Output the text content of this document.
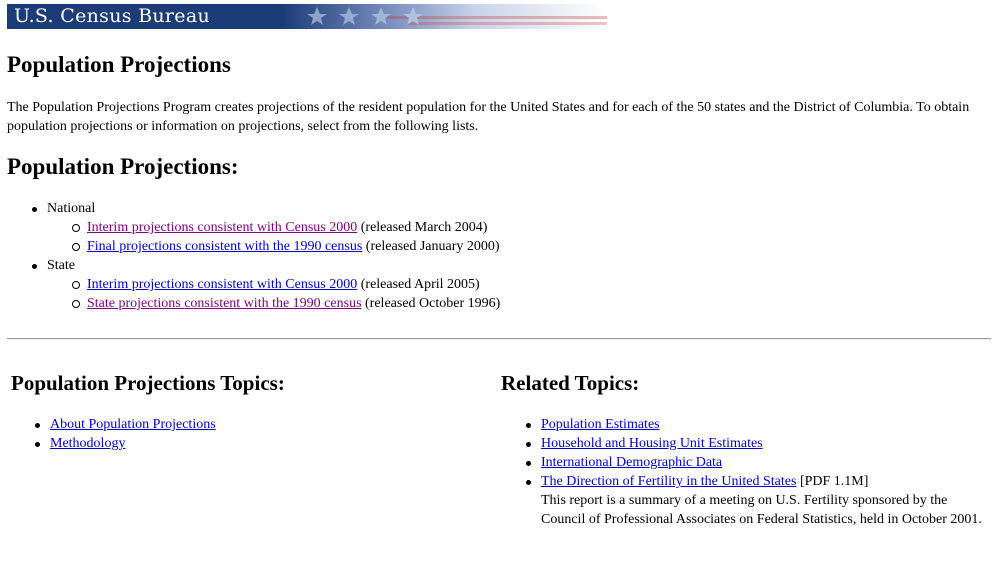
U.S. Census Bureau
Population Projections

The Population Projections Program creates projections of the resident population for the United States and for each of the 50 states and the District of Columbia. To obtain population projections or information on projections, select from the following lists.

Population Projections:
National
Interim projections consistent with Census 2000 (released March 2004)
Final projections consistent with the 1990 census (released January 2000)
State
Interim projections consistent with Census 2000 (released April 2005)
State projections consistent with the 1990 census (released October 1996)
Population Projections Topics:
About Population Projections
Methodology
Related Topics:
Population Estimates
Household and Housing Unit Estimates
International Demographic Data
The Direction of Fertility in the United States [PDF 1.1M]
This report is a summary of a meeting on U.S. Fertility sponsored by the Council of Professional Associates on Federal Statistics, held in October 2001.
